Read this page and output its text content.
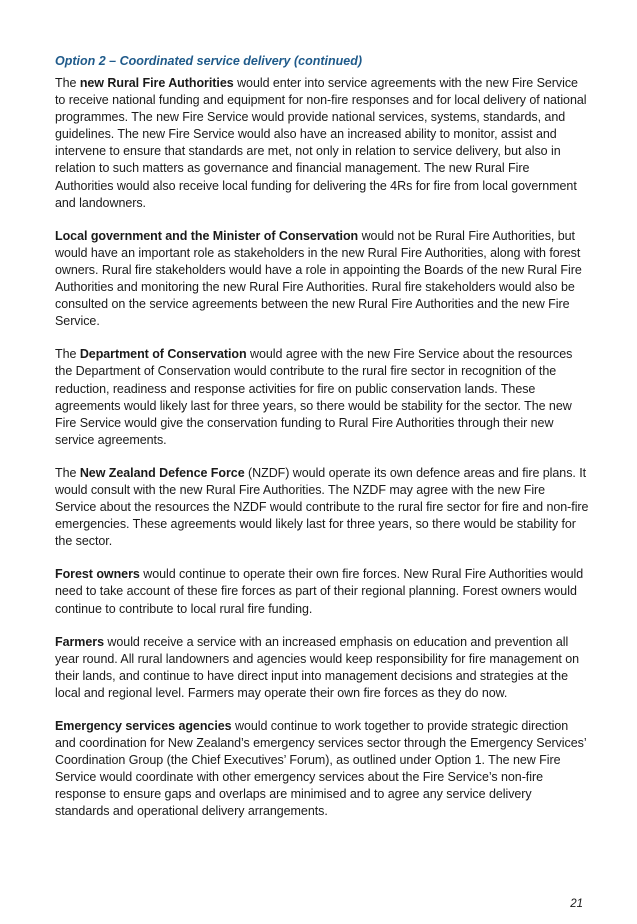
Option 2 – Coordinated service delivery (continued)

The new Rural Fire Authorities would enter into service agreements with the new Fire Service to receive national funding and equipment for non-fire responses and for local delivery of national programmes. The new Fire Service would provide national services, systems, standards, and guidelines. The new Fire Service would also have an increased ability to monitor, assist and intervene to ensure that standards are met, not only in relation to service delivery, but also in relation to such matters as governance and financial management. The new Rural Fire Authorities would also receive local funding for delivering the 4Rs for fire from local government and landowners.

Local government and the Minister of Conservation would not be Rural Fire Authorities, but would have an important role as stakeholders in the new Rural Fire Authorities, along with forest owners. Rural fire stakeholders would have a role in appointing the Boards of the new Rural Fire Authorities and monitoring the new Rural Fire Authorities. Rural fire stakeholders would also be consulted on the service agreements between the new Rural Fire Authorities and the new Fire Service.

The Department of Conservation would agree with the new Fire Service about the resources the Department of Conservation would contribute to the rural fire sector in recognition of the reduction, readiness and response activities for fire on public conservation lands. These agreements would likely last for three years, so there would be stability for the sector. The new Fire Service would give the conservation funding to Rural Fire Authorities through their new service agreements.

The New Zealand Defence Force (NZDF) would operate its own defence areas and fire plans. It would consult with the new Rural Fire Authorities. The NZDF may agree with the new Fire Service about the resources the NZDF would contribute to the rural fire sector for fire and non-fire emergencies. These agreements would likely last for three years, so there would be stability for the sector.

Forest owners would continue to operate their own fire forces. New Rural Fire Authorities would need to take account of these fire forces as part of their regional planning. Forest owners would continue to contribute to local rural fire funding.

Farmers would receive a service with an increased emphasis on education and prevention all year round. All rural landowners and agencies would keep responsibility for fire management on their lands, and continue to have direct input into management decisions and strategies at the local and regional level. Farmers may operate their own fire forces as they do now.

Emergency services agencies would continue to work together to provide strategic direction and coordination for New Zealand’s emergency services sector through the Emergency Services’ Coordination Group (the Chief Executives’ Forum), as outlined under Option 1. The new Fire Service would coordinate with other emergency services about the Fire Service’s non-fire response to ensure gaps and overlaps are minimised and to agree any service delivery standards and operational delivery arrangements.

21
